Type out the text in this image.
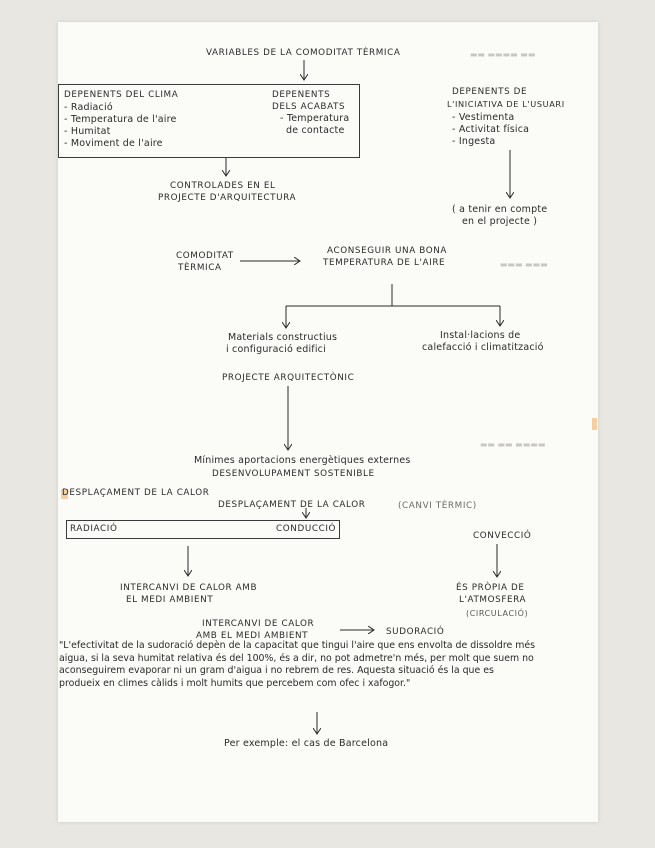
▬▬ ▬▬▬▬ ▬▬
▬▬▬ ▬▬▬
▬▬▬▬ ▬▬ ▬▬
VARIABLES DE LA COMODITAT TÈRMICA
DEPENENTS DEL CLIMA
- Radiació
- Temperatura de l'aire
- Humitat
- Moviment de l'aire
DEPENENTS
DELS ACABATS
- Temperatura
de contacte
DEPENENTS DE
L'INICIATIVA DE L'USUARI
- Vestimenta
- Activitat física
- Ingesta
CONTROLADES EN EL
PROJECTE D'ARQUITECTURA
( a tenir en compte
en el projecte )
COMODITAT
TÈRMICA
ACONSEGUIR UNA BONA
TEMPERATURA DE L'AIRE
Materials constructius
i configuració edifici
Instal·lacions de
calefacció i climatització
PROJECTE ARQUITECTÒNIC
Mínimes aportacions energètiques externes
DESENVOLUPAMENT SOSTENIBLE
DESPLAÇAMENT DE LA CALOR
DESPLAÇAMENT DE LA CALOR	(CANVI TÈRMIC)
RADIACIÓ	CONDUCCIÓ
CONVECCIÓ
INTERCANVI DE CALOR AMB
EL MEDI AMBIENT
ÉS PRÒPIA DE
L'ATMOSFERA
(CIRCULACIÓ)
INTERCANVI DE CALOR
AMB EL MEDI AMBIENT	SUDORACIÓ
"L'efectivitat de la sudoració depèn de la capacitat que tingui l'aire que ens envolta de dissoldre més aigua, si la seva humitat relativa és del 100%, és a dir, no pot admetre'n més, per molt que suem no aconseguirem evaporar ni un gram d'aigua i no rebrem de res. Aquesta situació és la que es produeix en climes càlids i molt humits que percebem com ofec i xafogor."
Per exemple: el cas de Barcelona
